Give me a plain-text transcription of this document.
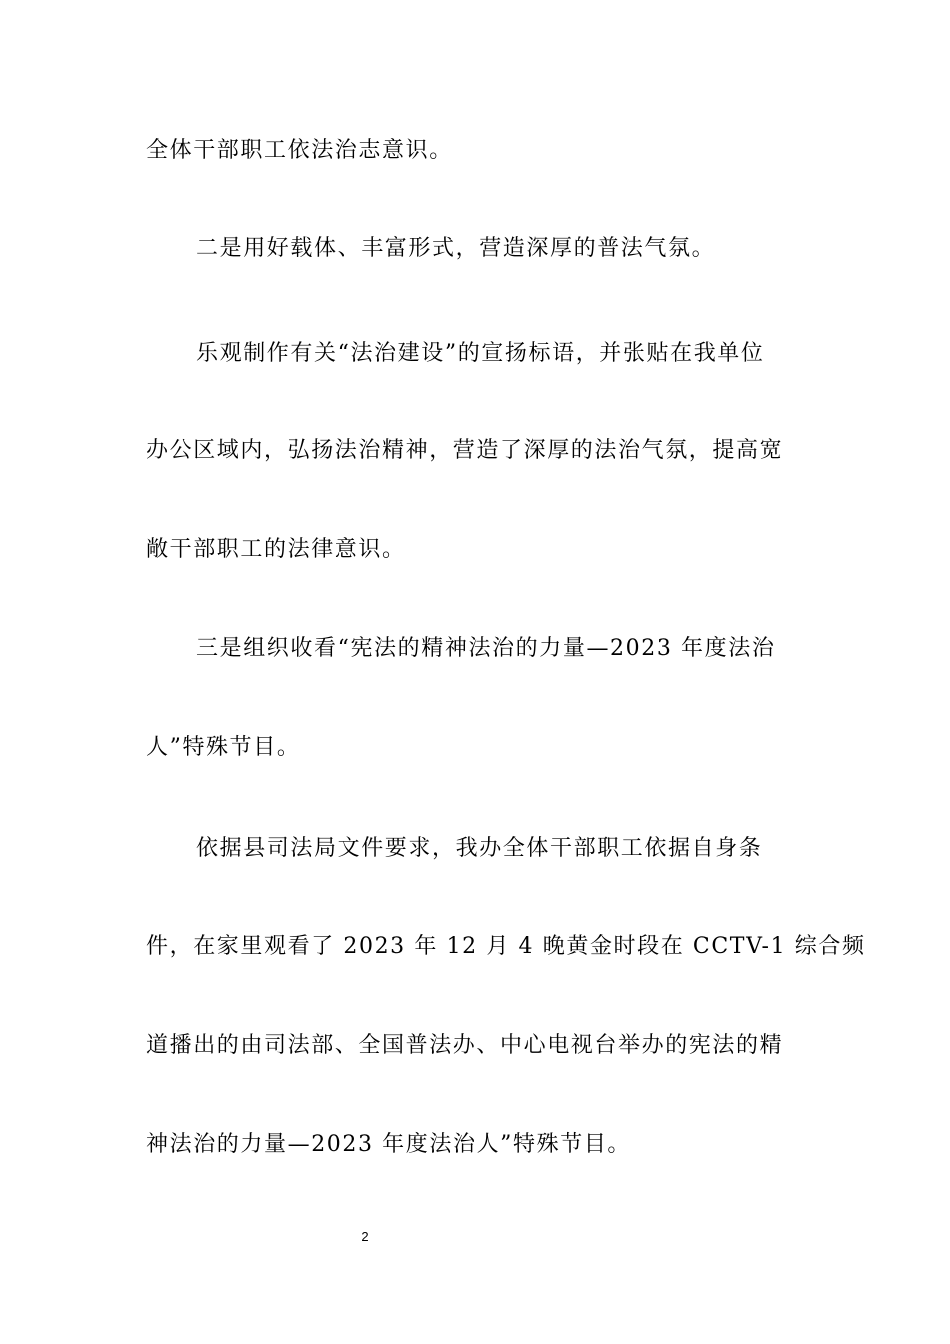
全体干部职工依法治志意识。
二是用好载体、丰富形式，营造深厚的普法气氛。
乐观制作有关“法治建设”的宣扬标语，并张贴在我单位
办公区域内，弘扬法治精神，营造了深厚的法治气氛，提高宽
敞干部职工的法律意识。
三是组织收看“宪法的精神法治的力量—2023 年度法治
人”特殊节目。
依据县司法局文件要求，我办全体干部职工依据自身条
件，在家里观看了 2023 年 12 月 4 晚黄金时段在 CCTV-1 综合频
道播出的由司法部、全国普法办、中心电视台举办的宪法的精
神法治的力量—2023 年度法治人”特殊节目。
2
